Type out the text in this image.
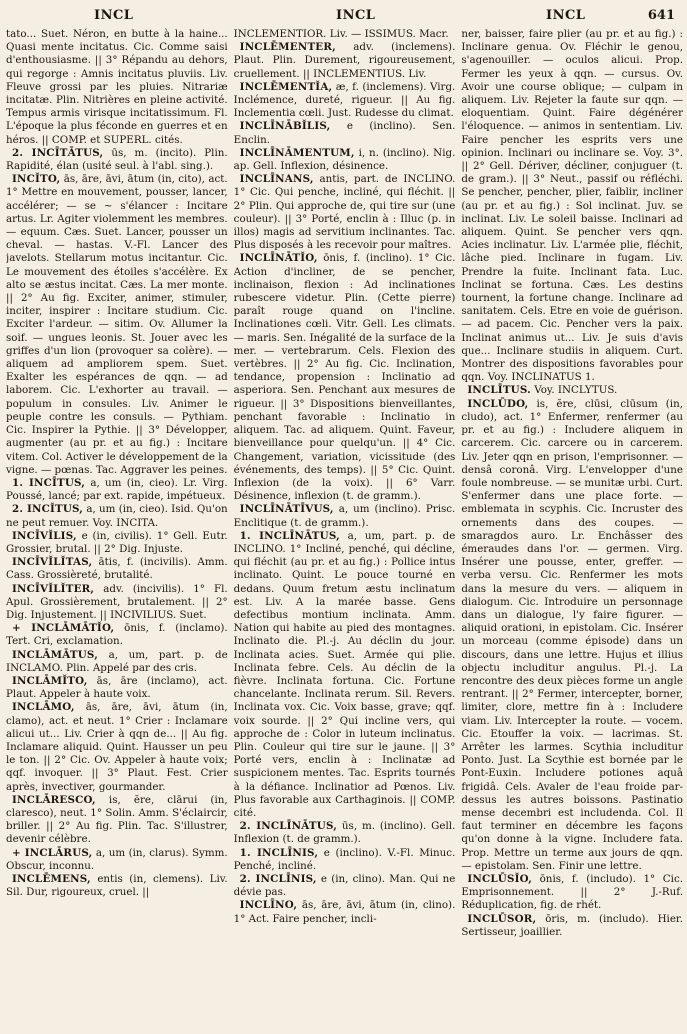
INCL	INCL	INCL	641

tato... Suet. Néron, en butte à la haine... Quasi mente incitatus. Cic. Comme saisi d'enthousiasme. || 3° Répandu au dehors, qui regorge : Amnis incitatus pluviis. Liv. Fleuve grossi par les pluies. Nitrariæ incitatæ. Plin. Nitrières en pleine activité. Tempus armis virisque incitatissimum. Fl. L'époque la plus féconde en guerres et en héros. || COMP. et SUPERL. cités.

2. INCĪTĀTUS, ūs, m. (incito). Plin. Rapidité, élan (usité seul. à l'abl. sing.).

INCĬTO, ās, āre, āvi, ātum (in, cito), act. 1° Mettre en mouvement, pousser, lancer, accélérer; — se ~ s'élancer : Incitare artus. Lr. Agiter violemment les membres. — equum. Cæs. Suet. Lancer, pousser un cheval. — hastas. V.-Fl. Lancer des javelots. Stellarum motus incitantur. Cic. Le mouvement des étoiles s'accélère. Ex alto se æstus incitat. Cæs. La mer monte. || 2° Au fig. Exciter, animer, stimuler, inciter, inspirer : Incitare studium. Cic. Exciter l'ardeur. — sitim. Ov. Allumer la soif. — ungues leonis. St. Jouer avec les griffes d'un lion (provoquer sa colère). — aliquem ad ampliorem spem. Suet. Exalter les espérances de qqn. — ad laborem. Cic. L'exhorter au travail. — populum in consules. Liv. Animer le peuple contre les consuls. — Pythiam. Cic. Inspirer la Pythie. || 3° Développer, augmenter (au pr. et au fig.) : Incitare vitem. Col. Activer le développement de la vigne. — pœnas. Tac. Aggraver les peines.

1. INCĪTUS, a, um (in, cieo). Lr. Virg. Poussé, lancé; par ext. rapide, impétueux.

2. INCĬTUS, a, um (in, cieo). Isid. Qu'on ne peut remuer. Voy. INCITA.

INCĪVĬLIS, e (in, civilis). 1° Gell. Eutr. Grossier, brutal. || 2° Dig. Injuste.

INCĪVĬLĬTAS, ātis, f. (incivilis). Amm. Cass. Grossièreté, brutalité.

INCĪVĬLĬTER, adv. (incivilis). 1° Fl. Apul. Grossièrement, brutalement. || 2° Dig. Injustement. || INCIVILIUS. Suet.

+ INCLĀMĀTĬO, ōnis, f. (inclamo). Tert. Cri, exclamation.

INCLĀMĀTUS, a, um, part. p. de INCLAMO. Plin. Appelé par des cris.

INCLĀMĬTO, ās, āre (inclamo), act. Plaut. Appeler à haute voix.

INCLĀMO, ās, āre, āvi, ātum (in, clamo), act. et neut. 1° Crier : Inclamare alicui ut... Liv. Crier à qqn de... || Au fig. Inclamare aliquid. Quint. Hausser un peu le ton. || 2° Cic. Ov. Appeler à haute voix; qqf. invoquer. || 3° Plaut. Fest. Crier après, invectiver, gourmander.

INCLĀRESCO, is, ĕre, clārui (in, claresco), neut. 1° Solin. Amm. S'éclaircir, briller. || 2° Au fig. Plin. Tac. S'illustrer, devenir célèbre.

+ INCLĀRUS, a, um (in, clarus). Symm. Obscur, inconnu.

INCLĒMENS, entis (in, clemens). Liv. Sil. Dur, rigoureux, cruel. ||

INCLEMENTIOR. Liv. — ISSIMUS. Macr.

INCLĒMENTER, adv. (inclemens). Plaut. Plin. Durement, rigoureusement, cruellement. || INCLEMENTIUS. Liv.

INCLĒMENTĬA, æ, f. (inclemens). Virg. Inclémence, dureté, rigueur. || Au fig. Inclementia cœli. Just. Rudesse du climat.

INCLĪNĀBĬLIS, e (inclino). Sen. Enclin.

INCLĪNĀMENTUM, i, n. (inclino). Nig. ap. Gell. Inflexion, désinence.

INCLĪNANS, antis, part. de INCLINO. 1° Cic. Qui penche, incliné, qui fléchit. || 2° Plin. Qui approche de, qui tire sur (une couleur). || 3° Porté, enclin à : Illuc (p. in illos) magis ad servitium inclinantes. Tac. Plus disposés à les recevoir pour maîtres.

INCLĪNĀTĬO, ōnis, f. (inclino). 1° Cic. Action d'incliner, de se pencher, inclinaison, flexion : Ad inclinationes rubescere videtur. Plin. (Cette pierre) paraît rouge quand on l'incline. Inclinationes cœli. Vitr. Gell. Les climats. — maris. Sen. Inégalité de la surface de la mer. — vertebrarum. Cels. Flexion des vertèbres. || 2° Au fig. Cic. Inclination, tendance, propension : Inclinatio ad asperiora. Sen. Penchant aux mesures de rigueur. || 3° Dispositions bienveillantes, penchant favorable : Inclinatio in aliquem. Tac. ad aliquem. Quint. Faveur, bienveillance pour quelqu'un. || 4° Cic. Changement, variation, vicissitude (des événements, des temps). || 5° Cic. Quint. Inflexion (de la voix). || 6° Varr. Désinence, inflexion (t. de gramm.).

INCLĪNĀTĪVUS, a, um (inclino). Prisc. Enclitique (t. de gramm.).

1. INCLĪNĀTUS, a, um, part. p. de INCLINO. 1° Incliné, penché, qui décline, qui fléchit (au pr. et au fig.) : Pollice intus inclinato. Quint. Le pouce tourné en dedans. Quum fretum æstu inclinatum est. Liv. A la marée basse. Gens defectibus montium inclinata. Amm. Nation qui habite au pied des montagnes. Inclinato die. Pl.-j. Au déclin du jour. Inclinata acies. Suet. Armée qui plie. Inclinata febre. Cels. Au déclin de la fièvre. Inclinata fortuna. Cic. Fortune chancelante. Inclinata rerum. Sil. Revers. Inclinata vox. Cic. Voix basse, grave; qqf. voix sourde. || 2° Qui incline vers, qui approche de : Color in luteum inclinatus. Plin. Couleur qui tire sur le jaune. || 3° Porté vers, enclin à : Inclinatæ ad suspicionem mentes. Tac. Esprits tournés à la défiance. Inclinatior ad Pœnos. Liv. Plus favorable aux Carthaginois. || COMP. cité.

2. INCLĪNĀTUS, ūs, m. (inclino). Gell. Inflexion (t. de gramm.).

1. INCLĪNIS, e (inclino). V.-Fl. Minuc. Penché, incliné.

2. INCLĪNIS, e (in, clino). Man. Qui ne dévie pas.

INCLĪNO, ās, āre, āvi, ātum (in, clino). 1° Act. Faire pencher, incli-

ner, baisser, faire plier (au pr. et au fig.) : Inclinare genua. Ov. Fléchir le genou, s'agenouiller. — oculos alicui. Prop. Fermer les yeux à qqn. — cursus. Ov. Avoir une course oblique; — culpam in aliquem. Liv. Rejeter la faute sur qqn. — eloquentiam. Quint. Faire dégénérer l'éloquence. — animos in sententiam. Liv. Faire pencher les esprits vers une opinion. Inclinari ou inclinare se. Voy. 3°. || 2° Gell. Dériver, décliner, conjuguer (t. de gram.). || 3° Neut., passif ou réfléchi. Se pencher, pencher, plier, faiblir, incliner (au pr. et au fig.) : Sol inclinat. Juv. se inclinat. Liv. Le soleil baisse. Inclinari ad aliquem. Quint. Se pencher vers qqn. Acies inclinatur. Liv. L'armée plie, fléchit, lâche pied. Inclinare in fugam. Liv. Prendre la fuite. Inclinant fata. Luc. Inclinat se fortuna. Cæs. Les destins tournent, la fortune change. Inclinare ad sanitatem. Cels. Etre en voie de guérison. — ad pacem. Cic. Pencher vers la paix. Inclinat animus ut... Liv. Je suis d'avis que... Inclinare studiis in aliquem. Curt. Montrer des dispositions favorables pour qqn. Voy. INCLINATUS 1.

INCLĪTUS. Voy. INCLYTUS.

INCLŪDO, is, ĕre, clūsi, clūsum (in, cludo), act. 1° Enfermer, renfermer (au pr. et au fig.) : Includere aliquem in carcerem. Cic. carcere ou in carcerem. Liv. Jeter qqn en prison, l'emprisonner. — densâ coronâ. Virg. L'envelopper d'une foule nombreuse. — se munitæ urbi. Curt. S'enfermer dans une place forte. — emblemata in scyphis. Cic. Incruster des ornements dans des coupes. — smaragdos auro. Lr. Enchâsser des émeraudes dans l'or. — germen. Virg. Insérer une pousse, enter, greffer. — verba versu. Cic. Renfermer les mots dans la mesure du vers. — aliquem in dialogum. Cic. Introduire un personnage dans un dialogue, l'y faire figurer. — aliquid orationi, in epistolam. Cic. Insérer un morceau (comme épisode) dans un discours, dans une lettre. Hujus et illius objectu includitur angulus. Pl.-j. La rencontre des deux pièces forme un angle rentrant. || 2° Fermer, intercepter, borner, limiter, clore, mettre fin à : Includere viam. Liv. Intercepter la route. — vocem. Cic. Etouffer la voix. — lacrimas. St. Arrêter les larmes. Scythia includitur Ponto. Just. La Scythie est bornée par le Pont-Euxin. Includere potiones aquâ frigidâ. Cels. Avaler de l'eau froide par-dessus les autres boissons. Pastinatio mense decembri est includenda. Col. Il faut terminer en décembre les façons qu'on donne à la vigne. Includere fata. Prop. Mettre un terme aux jours de qqn. — epistolam. Sen. Finir une lettre.

INCLŪSĬO, ōnis, f. (includo). 1° Cic. Emprisonnement. || 2° J.-Ruf. Réduplication, fig. de rhét.

INCLŪSOR, ōris, m. (includo). Hier. Sertisseur, joaillier.
